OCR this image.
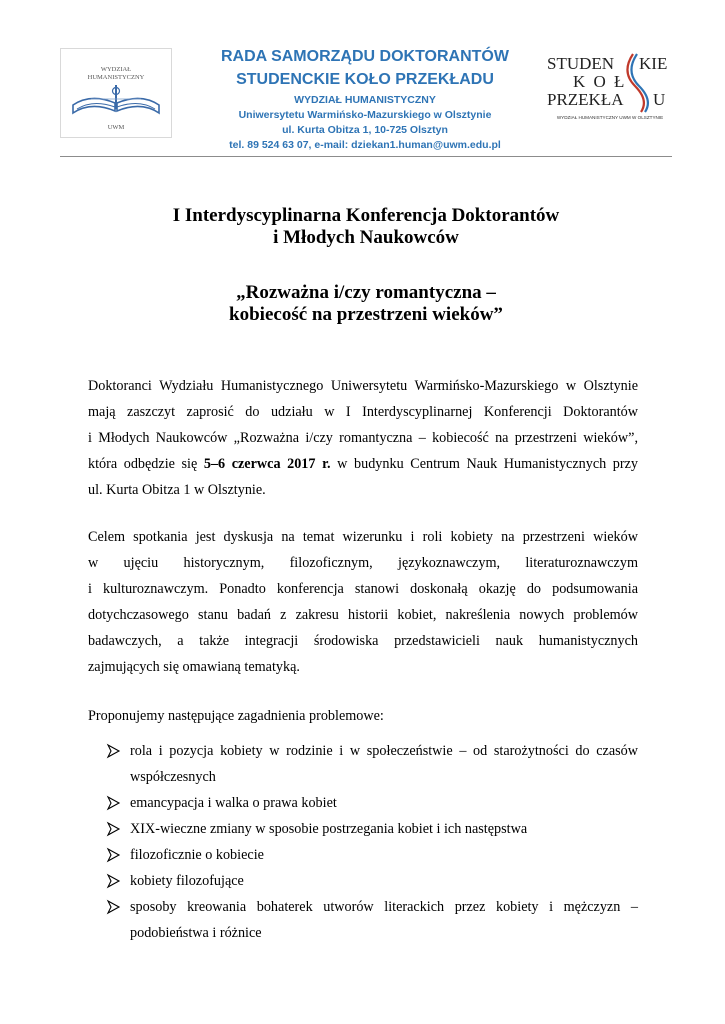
WYDZIAŁ
HUMANISTYCZNY
UWM
RADA SAMORZĄDU DOKTORANTÓW
STUDENCKIE KOŁO PRZEKŁADU
WYDZIAŁ HUMANISTYCZNY
Uniwersytetu Warmińsko-Mazurskiego w Olsztynie
ul. Kurta Obitza 1, 10-725 Olsztyn
tel. 89 524 63 07, e-mail: dziekan1.human@uwm.edu.pl
STUDEN KIE
K O Ł
PRZEKŁA U
WYDZIAŁ HUMANISTYCZNY UWM W OLSZTYNIE
I Interdyscyplinarna Konferencja Doktorantów
i Młodych Naukowców
„Rozważna i/czy romantyczna –
kobiecość na przestrzeni wieków”
Doktoranci Wydziału Humanistycznego Uniwersytetu Warmińsko-Mazurskiego w Olsztynie
mają zaszczyt zaprosić do udziału w I Interdyscyplinarnej Konferencji Doktorantów
i Młodych Naukowców „Rozważna i/czy romantyczna – kobiecość na przestrzeni wieków”,
która odbędzie się 5–6 czerwca 2017 r. w budynku Centrum Nauk Humanistycznych przy
ul. Kurta Obitza 1 w Olsztynie.
Celem spotkania jest dyskusja na temat wizerunku i roli kobiety na przestrzeni wieków
w ujęciu historycznym, filozoficznym, językoznawczym, literaturoznawczym
i kulturoznawczym. Ponadto konferencja stanowi doskonałą okazję do podsumowania
dotychczasowego stanu badań z zakresu historii kobiet, nakreślenia nowych problemów
badawczych, a także integracji środowiska przedstawicieli nauk humanistycznych
zajmujących się omawianą tematyką.
Proponujemy następujące zagadnienia problemowe:
rola i pozycja kobiety w rodzinie i w społeczeństwie – od starożytności do czasów
współczesnych
emancypacja i walka o prawa kobiet
XIX-wieczne zmiany w sposobie postrzegania kobiet i ich następstwa
filozoficznie o kobiecie
kobiety filozofujące
sposoby kreowania bohaterek utworów literackich przez kobiety i mężczyzn –
podobieństwa i różnice
